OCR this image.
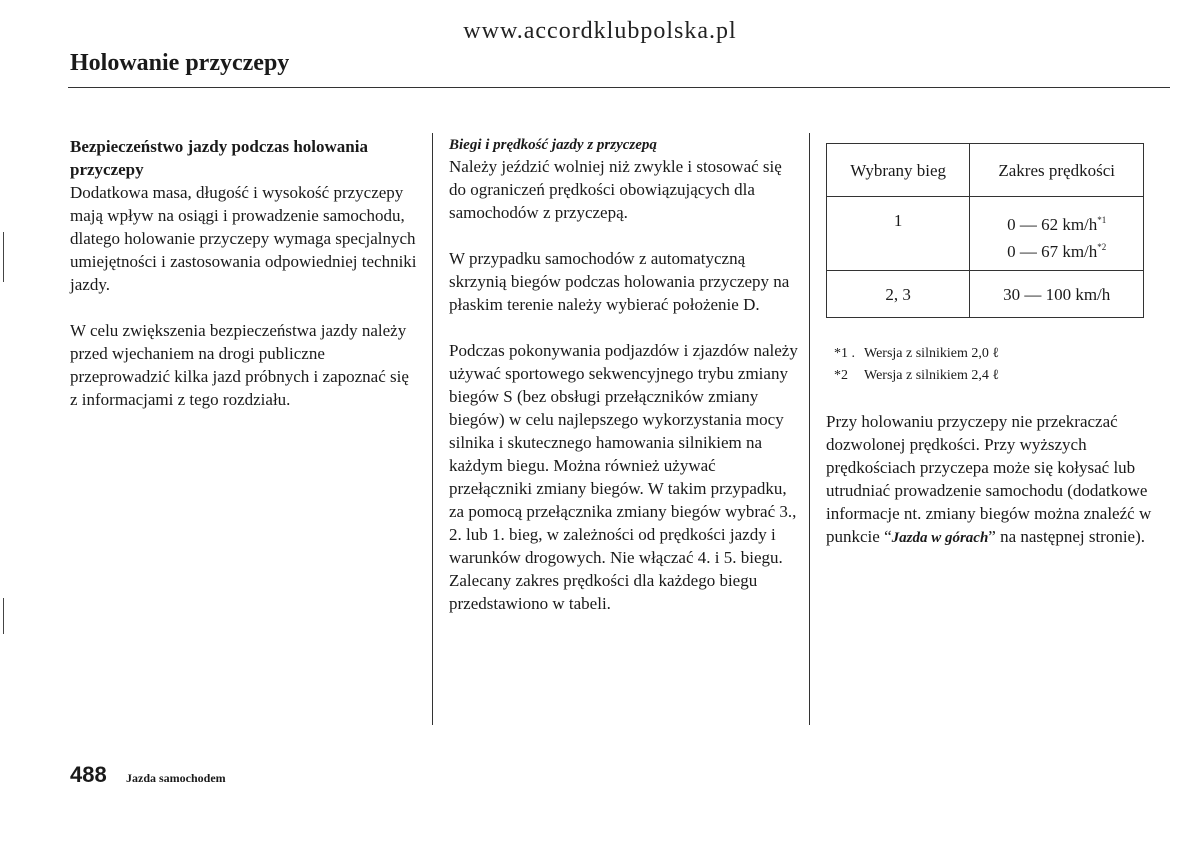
www.accordklubpolska.pl
Holowanie przyczepy

Bezpieczeństwo jazdy podczas holowania przyczepy

Dodatkowa masa, długość i wysokość przyczepy mają wpływ na osiągi i prowadzenie samochodu, dlatego holowanie przyczepy wymaga specjalnych umiejętności i zastosowania odpowiedniej techniki jazdy.

W celu zwiększenia bezpieczeństwa jazdy należy przed wjechaniem na drogi publiczne przeprowadzić kilka jazd próbnych i zapoznać się z informacjami z tego rozdziału.

Biegi i prędkość jazdy z przyczepą

Należy jeździć wolniej niż zwykle i stosować się do ograniczeń prędkości obowiązujących dla samochodów z przyczepą.

W przypadku samochodów z automatyczną skrzynią biegów podczas holowania przyczepy na płaskim terenie należy wybierać położenie D.

Podczas pokonywania podjazdów i zjazdów należy używać sportowego sekwencyjnego trybu zmiany biegów S (bez obsługi przełączników zmiany biegów) w celu najlepszego wykorzystania mocy silnika i skutecznego hamowania silnikiem na każdym biegu. Można również używać przełączniki zmiany biegów. W takim przypadku, za pomocą przełącznika zmiany biegów wybrać 3., 2. lub 1. bieg, w zależności od prędkości jazdy i warunków drogowych. Nie włączać 4. i 5. biegu. Zalecany zakres prędkości dla każdego biegu przedstawiono w tabeli.

Wybrany bieg	Zakres prędkości
1	0 — 62 $km/h^{*1}$
0 — 67 $km/h^{*2}$

2, 3	30 — 100 km/h
*1 . Wersja z silnikiem 2,0 ℓ
*2 Wersja z silnikiem 2,4 ℓ

Przy holowaniu przyczepy nie przekraczać dozwolonej prędkości. Przy wyższych prędkościach przyczepa może się kołysać lub utrudniać prowadzenie samochodu (dodatkowe informacje nt. zmiany biegów można znaleźć w punkcie “Jazda w górach” na następnej stronie).

488 Jazda samochodem
